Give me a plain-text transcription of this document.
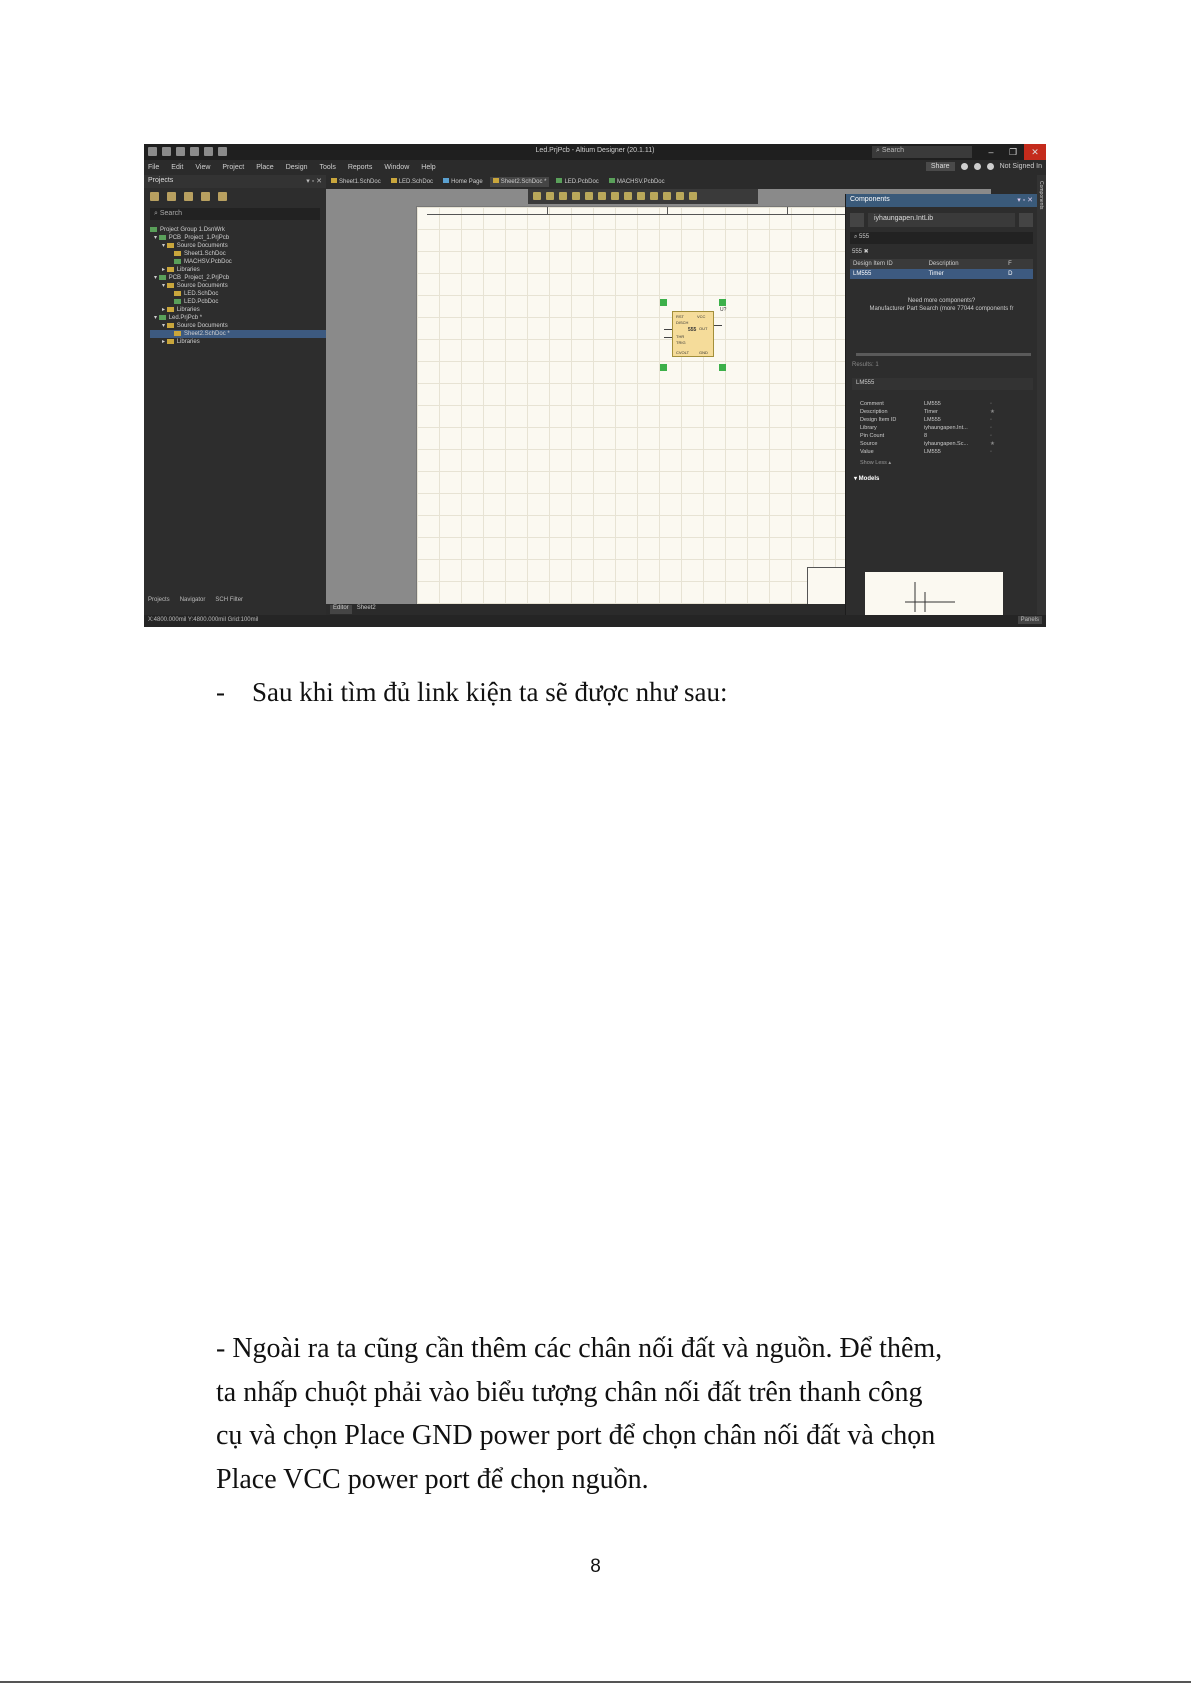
Led.PrjPcb - Altium Designer (20.1.11)	⌕ Search	–	❐	✕
File Edit View Project Place Design Tools Reports Window Help	Share	Not Signed In
Projects	▾ ▫ ✕
⌕ Search
Project Group 1.DsnWrk
▾ PCB_Project_1.PrjPcb
▾ Source Documents
Sheet1.SchDoc
MACHSV.PcbDoc
▸ Libraries
▾ PCB_Project_2.PrjPcb
▾ Source Documents
LED.SchDoc
LED.PcbDoc
▸ Libraries
▾ Led.PrjPcb *
▾ Source Documents
Sheet2.SchDoc *
▸ Libraries
Projects Navigator SCH Filter
Sheet1.SchDoc	LED.SchDoc	Home Page	Sheet2.SchDoc *	LED.PcbDoc	MACHSV.PcbDoc
RST	VCC
DISCH
OUT
THR
TRIG
CVOLT GND
555
U?
Editor	Sheet2
Components	▾ ▫ ✕
iyhaungapen.IntLib
⌕ 555
555 ✖
Design Item ID	Description	F
LM555	Timer	D
Need more components?
Manufacturer Part Search (more 77044 components fr
Results: 1
LM555
Comment	LM555	◦
Description	Timer	★
Design Item ID	LM555	◦
Library	iyhaungapen.Int...	◦
Pin Count	8	◦
Source	iyhaungapen.Sc...	★
Value	LM555	◦
Show Less ▴
▾ Models
Components
X:4800.000mil Y:4800.000mil Grid:100mil	Panels
- Sau khi tìm đủ link kiện ta sẽ được như sau:
- Ngoài ra ta cũng cần thêm các chân nối đất và nguồn. Để thêm,
ta nhấp chuột phải vào biểu tượng chân nối đất trên thanh công
cụ và chọn Place GND power port để chọn chân nối đất và chọn
Place VCC power port để chọn nguồn.
8
